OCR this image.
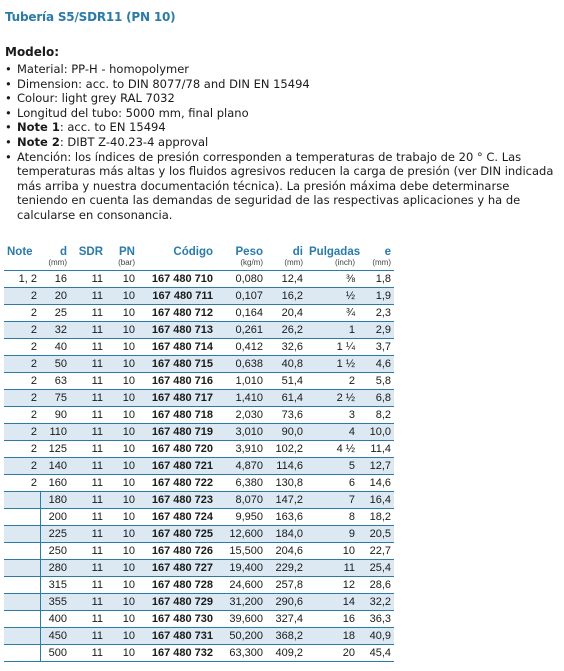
Tubería S5/SDR11 (PN 10)
Modelo:
• Material: PP-H - homopolymer
• Dimension: acc. to DIN 8077/78 and DIN EN 15494
• Colour: light grey RAL 7032
• Longitud del tubo: 5000 mm, final plano
• Note 1: acc. to EN 15494
• Note 2: DIBT Z-40.23-4 approval
• Atención: los índices de presión corresponden a temperaturas de trabajo de 20 ° C. Las temperaturas más altas y los fluidos agresivos reducen la carga de presión (ver DIN indicada más arriba y nuestra documentación técnica). La presión máxima debe determinarse teniendo en cuenta las demandas de seguridad de las respectivas aplicaciones y ha de calcularse en consonancia.
Note	d	SDR	PN	Código	Peso	di	Pulgadas	e
	(mm)		(bar)		(kg/m)	(mm)	(inch)	(mm)
1, 2	16	11	10	167 480 710	0,080	12,4	⅜	1,8
2	20	11	10	167 480 711	0,107	16,2	½	1,9
2	25	11	10	167 480 712	0,164	20,4	¾	2,3
2	32	11	10	167 480 713	0,261	26,2	1	2,9
2	40	11	10	167 480 714	0,412	32,6	1 ¼	3,7
2	50	11	10	167 480 715	0,638	40,8	1 ½	4,6
2	63	11	10	167 480 716	1,010	51,4	2	5,8
2	75	11	10	167 480 717	1,410	61,4	2 ½	6,8
2	90	11	10	167 480 718	2,030	73,6	3	8,2
2	110	11	10	167 480 719	3,010	90,0	4	10,0
2	125	11	10	167 480 720	3,910	102,2	4 ½	11,4
2	140	11	10	167 480 721	4,870	114,6	5	12,7
2	160	11	10	167 480 722	6,380	130,8	6	14,6
	180	11	10	167 480 723	8,070	147,2	7	16,4
	200	11	10	167 480 724	9,950	163,6	8	18,2
	225	11	10	167 480 725	12,600	184,0	9	20,5
	250	11	10	167 480 726	15,500	204,6	10	22,7
	280	11	10	167 480 727	19,400	229,2	11	25,4
	315	11	10	167 480 728	24,600	257,8	12	28,6
	355	11	10	167 480 729	31,200	290,6	14	32,2
	400	11	10	167 480 730	39,600	327,4	16	36,3
	450	11	10	167 480 731	50,200	368,2	18	40,9
	500	11	10	167 480 732	63,300	409,2	20	45,4
